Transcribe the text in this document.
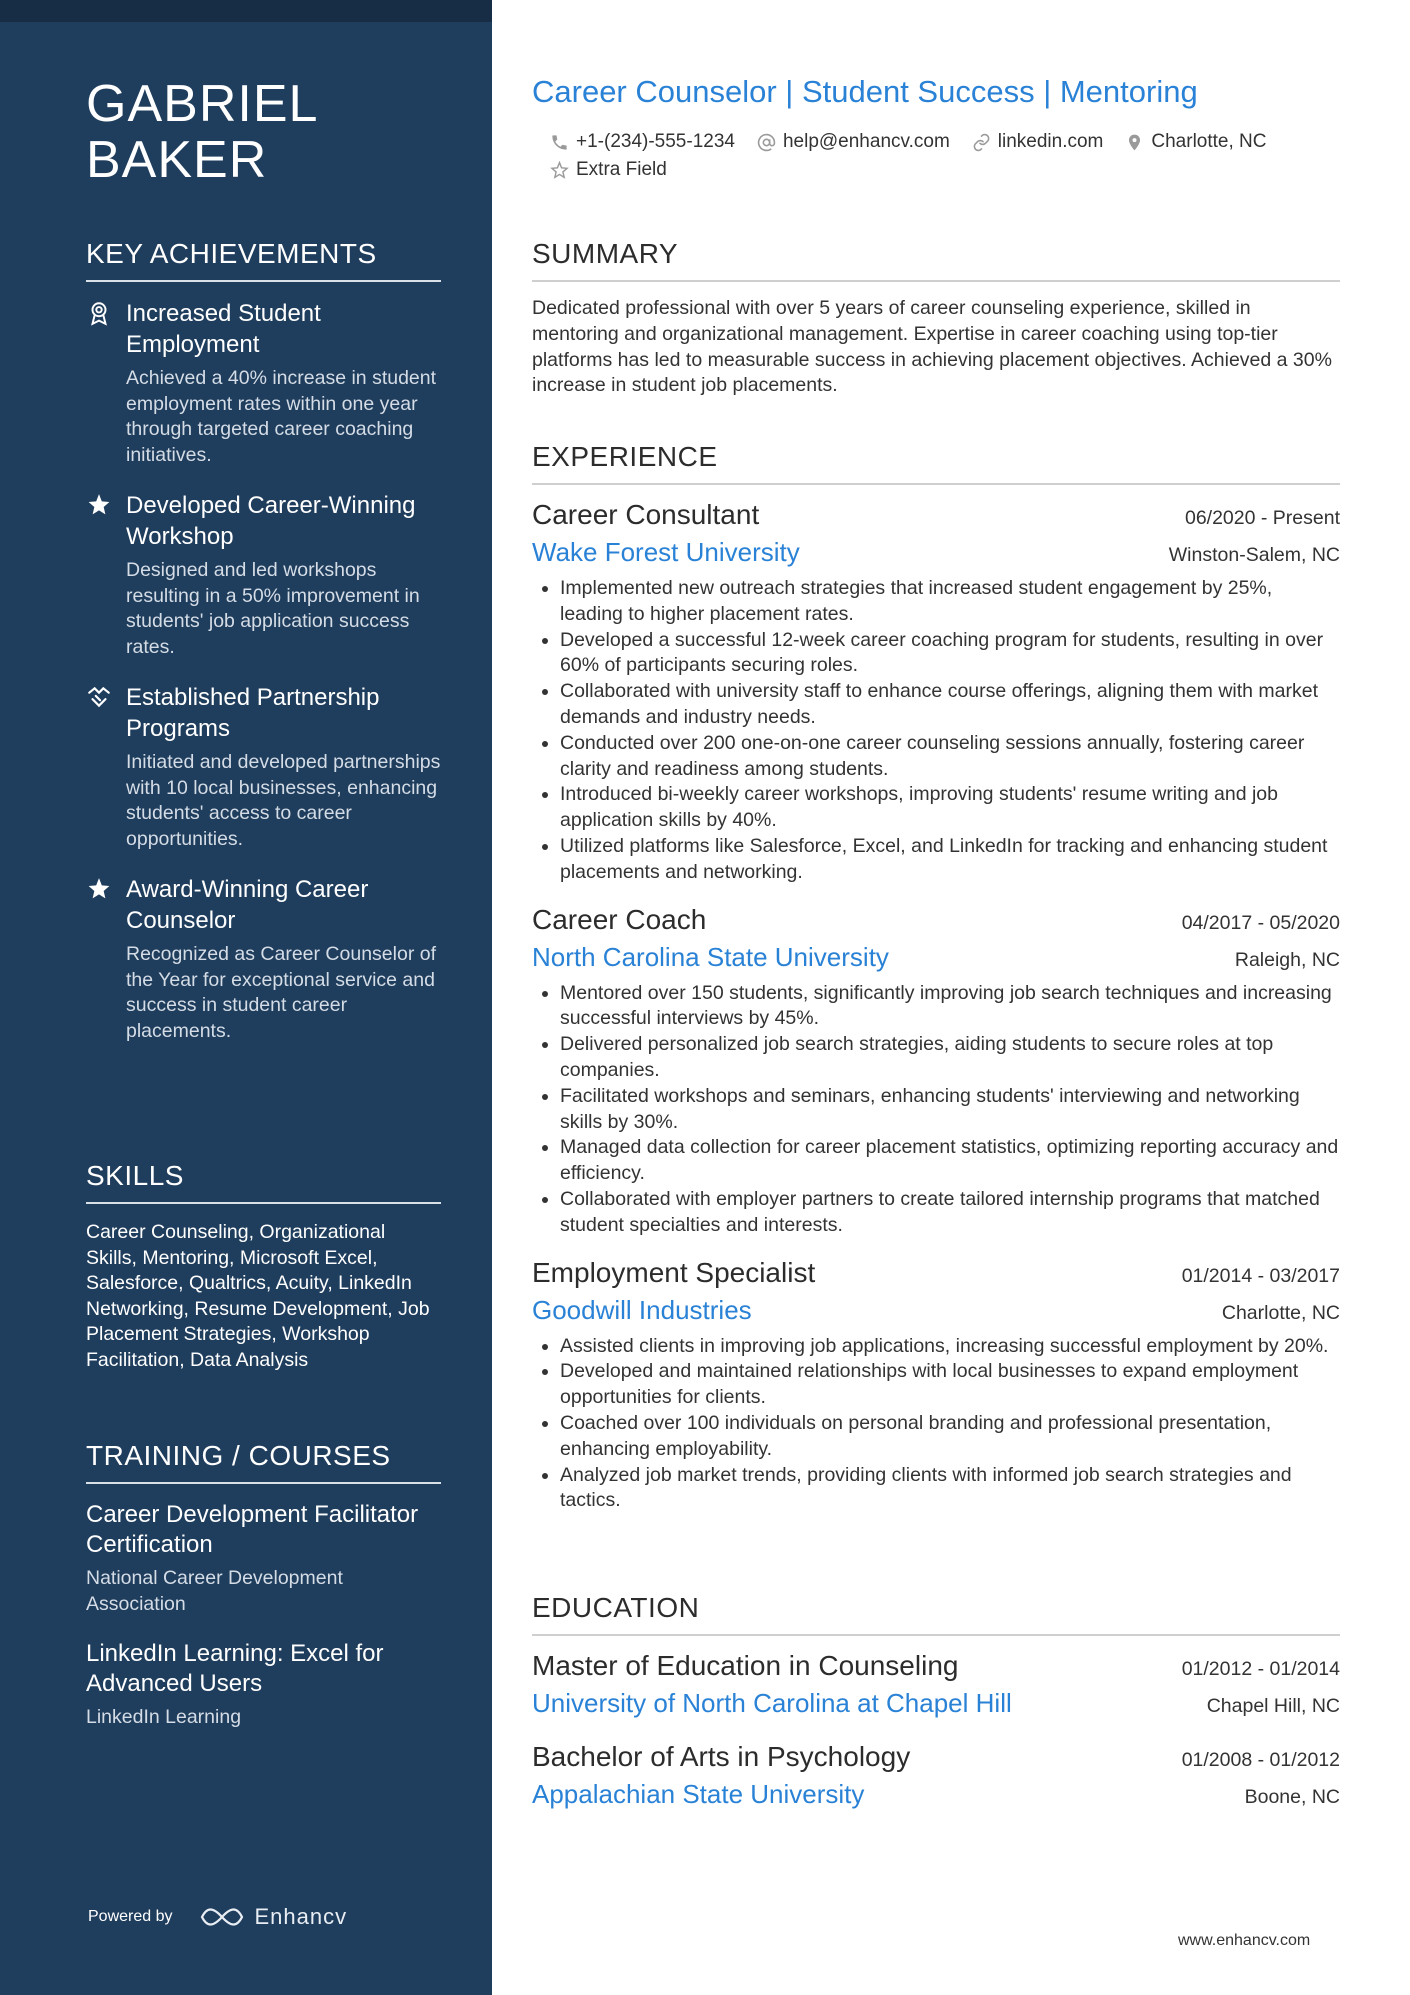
GABRIEL
BAKER
KEY ACHIEVEMENTS
Increased Student Employment
Achieved a 40% increase in student employment rates within one year through targeted career coaching initiatives.
Developed Career-Winning Workshop
Designed and led workshops resulting in a 50% improvement in students' job application success rates.
Established Partnership Programs
Initiated and developed partnerships with 10 local businesses, enhancing students' access to career opportunities.
Award-Winning Career Counselor
Recognized as Career Counselor of the Year for exceptional service and success in student career placements.
SKILLS
Career Counseling, Organizational Skills, Mentoring, Microsoft Excel, Salesforce, Qualtrics, Acuity, LinkedIn Networking, Resume Development, Job Placement Strategies, Workshop Facilitation, Data Analysis
TRAINING / COURSES
Career Development Facilitator Certification
National Career Development Association
LinkedIn Learning: Excel for Advanced Users
LinkedIn Learning
Powered by	Enhancv
Career Counselor | Student Success | Mentoring
+1-(234)-555-1234	help@enhancv.com	linkedin.com	Charlotte, NC
Extra Field
SUMMARY
Dedicated professional with over 5 years of career counseling experience, skilled in mentoring and organizational management. Expertise in career coaching using top-tier platforms has led to measurable success in achieving placement objectives. Achieved a 30% increase in student job placements.
EXPERIENCE
Career Consultant	06/2020 - Present
Wake Forest University	Winston-Salem, NC
• Implemented new outreach strategies that increased student engagement by 25%, leading to higher placement rates.
• Developed a successful 12-week career coaching program for students, resulting in over 60% of participants securing roles.
• Collaborated with university staff to enhance course offerings, aligning them with market demands and industry needs.
• Conducted over 200 one-on-one career counseling sessions annually, fostering career clarity and readiness among students.
• Introduced bi-weekly career workshops, improving students' resume writing and job application skills by 40%.
• Utilized platforms like Salesforce, Excel, and LinkedIn for tracking and enhancing student placements and networking.
Career Coach	04/2017 - 05/2020
North Carolina State University	Raleigh, NC
• Mentored over 150 students, significantly improving job search techniques and increasing successful interviews by 45%.
• Delivered personalized job search strategies, aiding students to secure roles at top companies.
• Facilitated workshops and seminars, enhancing students' interviewing and networking skills by 30%.
• Managed data collection for career placement statistics, optimizing reporting accuracy and efficiency.
• Collaborated with employer partners to create tailored internship programs that matched student specialties and interests.
Employment Specialist	01/2014 - 03/2017
Goodwill Industries	Charlotte, NC
• Assisted clients in improving job applications, increasing successful employment by 20%.
• Developed and maintained relationships with local businesses to expand employment opportunities for clients.
• Coached over 100 individuals on personal branding and professional presentation, enhancing employability.
• Analyzed job market trends, providing clients with informed job search strategies and tactics.
EDUCATION
Master of Education in Counseling	01/2012 - 01/2014
University of North Carolina at Chapel Hill	Chapel Hill, NC
Bachelor of Arts in Psychology	01/2008 - 01/2012
Appalachian State University	Boone, NC
www.enhancv.com
